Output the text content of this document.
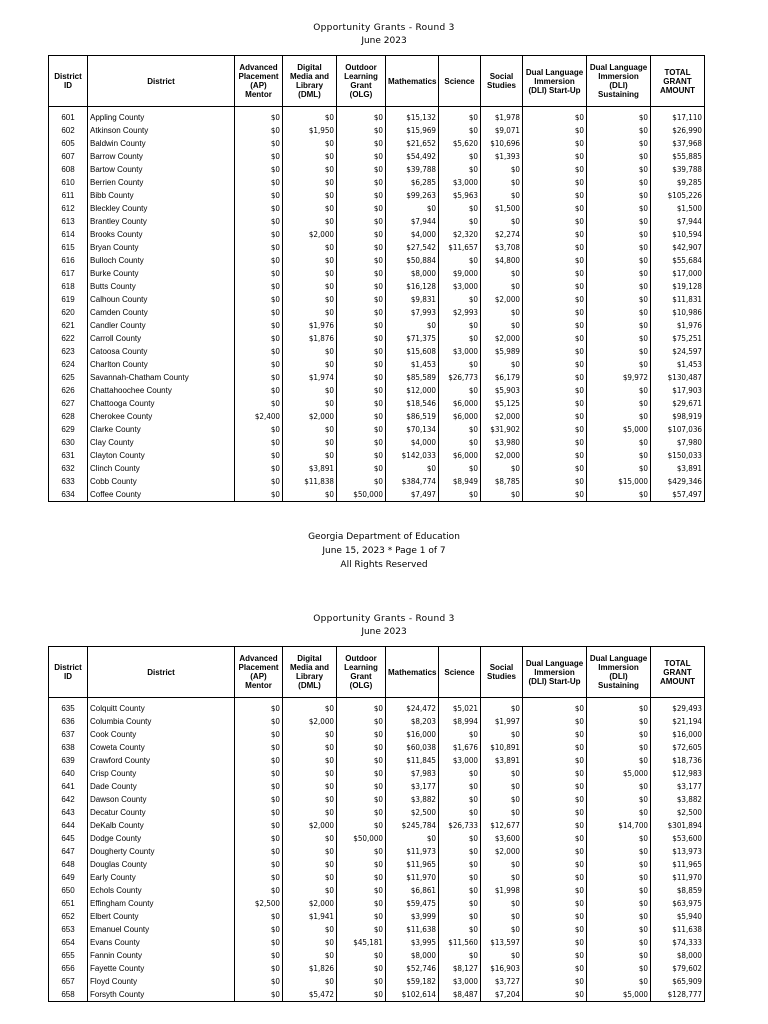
Opportunity Grants - Round 3
June 2023
District ID	District	Advanced Placement (AP) Mentor	Digital Media and Library (DML)	Outdoor Learning Grant (OLG)	Mathematics	Science	Social Studies	Dual Language Immersion (DLI) Start-Up	Dual Language Immersion (DLI) Sustaining	TOTAL GRANT AMOUNT

601	Appling County	$0	$0	$0	$15,132	$0	$1,978	$0	$0	$17,110
602	Atkinson County	$0	$1,950	$0	$15,969	$0	$9,071	$0	$0	$26,990
605	Baldwin County	$0	$0	$0	$21,652	$5,620	$10,696	$0	$0	$37,968
607	Barrow County	$0	$0	$0	$54,492	$0	$1,393	$0	$0	$55,885
608	Bartow County	$0	$0	$0	$39,788	$0	$0	$0	$0	$39,788
610	Berrien County	$0	$0	$0	$6,285	$3,000	$0	$0	$0	$9,285
611	Bibb County	$0	$0	$0	$99,263	$5,963	$0	$0	$0	$105,226
612	Bleckley County	$0	$0	$0	$0	$0	$1,500	$0	$0	$1,500
613	Brantley County	$0	$0	$0	$7,944	$0	$0	$0	$0	$7,944
614	Brooks County	$0	$2,000	$0	$4,000	$2,320	$2,274	$0	$0	$10,594
615	Bryan County	$0	$0	$0	$27,542	$11,657	$3,708	$0	$0	$42,907
616	Bulloch County	$0	$0	$0	$50,884	$0	$4,800	$0	$0	$55,684
617	Burke County	$0	$0	$0	$8,000	$9,000	$0	$0	$0	$17,000
618	Butts County	$0	$0	$0	$16,128	$3,000	$0	$0	$0	$19,128
619	Calhoun County	$0	$0	$0	$9,831	$0	$2,000	$0	$0	$11,831
620	Camden County	$0	$0	$0	$7,993	$2,993	$0	$0	$0	$10,986
621	Candler County	$0	$1,976	$0	$0	$0	$0	$0	$0	$1,976
622	Carroll County	$0	$1,876	$0	$71,375	$0	$2,000	$0	$0	$75,251
623	Catoosa County	$0	$0	$0	$15,608	$3,000	$5,989	$0	$0	$24,597
624	Charlton County	$0	$0	$0	$1,453	$0	$0	$0	$0	$1,453
625	Savannah-Chatham County	$0	$1,974	$0	$85,589	$26,773	$6,179	$0	$9,972	$130,487
626	Chattahoochee County	$0	$0	$0	$12,000	$0	$5,903	$0	$0	$17,903
627	Chattooga County	$0	$0	$0	$18,546	$6,000	$5,125	$0	$0	$29,671
628	Cherokee County	$2,400	$2,000	$0	$86,519	$6,000	$2,000	$0	$0	$98,919
629	Clarke County	$0	$0	$0	$70,134	$0	$31,902	$0	$5,000	$107,036
630	Clay County	$0	$0	$0	$4,000	$0	$3,980	$0	$0	$7,980
631	Clayton County	$0	$0	$0	$142,033	$6,000	$2,000	$0	$0	$150,033
632	Clinch County	$0	$3,891	$0	$0	$0	$0	$0	$0	$3,891
633	Cobb County	$0	$11,838	$0	$384,774	$8,949	$8,785	$0	$15,000	$429,346
634	Coffee County	$0	$0	$50,000	$7,497	$0	$0	$0	$0	$57,497
Georgia Department of Education
June 15, 2023 * Page 1 of 7
All Rights Reserved
Opportunity Grants - Round 3
June 2023
District ID	District	Advanced Placement (AP) Mentor	Digital Media and Library (DML)	Outdoor Learning Grant (OLG)	Mathematics	Science	Social Studies	Dual Language Immersion (DLI) Start-Up	Dual Language Immersion (DLI) Sustaining	TOTAL GRANT AMOUNT

635	Colquitt County	$0	$0	$0	$24,472	$5,021	$0	$0	$0	$29,493
636	Columbia County	$0	$2,000	$0	$8,203	$8,994	$1,997	$0	$0	$21,194
637	Cook County	$0	$0	$0	$16,000	$0	$0	$0	$0	$16,000
638	Coweta County	$0	$0	$0	$60,038	$1,676	$10,891	$0	$0	$72,605
639	Crawford County	$0	$0	$0	$11,845	$3,000	$3,891	$0	$0	$18,736
640	Crisp County	$0	$0	$0	$7,983	$0	$0	$0	$5,000	$12,983
641	Dade County	$0	$0	$0	$3,177	$0	$0	$0	$0	$3,177
642	Dawson County	$0	$0	$0	$3,882	$0	$0	$0	$0	$3,882
643	Decatur County	$0	$0	$0	$2,500	$0	$0	$0	$0	$2,500
644	DeKalb County	$0	$2,000	$0	$245,784	$26,733	$12,677	$0	$14,700	$301,894
645	Dodge County	$0	$0	$50,000	$0	$0	$3,600	$0	$0	$53,600
647	Dougherty County	$0	$0	$0	$11,973	$0	$2,000	$0	$0	$13,973
648	Douglas County	$0	$0	$0	$11,965	$0	$0	$0	$0	$11,965
649	Early County	$0	$0	$0	$11,970	$0	$0	$0	$0	$11,970
650	Echols County	$0	$0	$0	$6,861	$0	$1,998	$0	$0	$8,859
651	Effingham County	$2,500	$2,000	$0	$59,475	$0	$0	$0	$0	$63,975
652	Elbert County	$0	$1,941	$0	$3,999	$0	$0	$0	$0	$5,940
653	Emanuel County	$0	$0	$0	$11,638	$0	$0	$0	$0	$11,638
654	Evans County	$0	$0	$45,181	$3,995	$11,560	$13,597	$0	$0	$74,333
655	Fannin County	$0	$0	$0	$8,000	$0	$0	$0	$0	$8,000
656	Fayette County	$0	$1,826	$0	$52,746	$8,127	$16,903	$0	$0	$79,602
657	Floyd County	$0	$0	$0	$59,182	$3,000	$3,727	$0	$0	$65,909
658	Forsyth County	$0	$5,472	$0	$102,614	$8,487	$7,204	$0	$5,000	$128,777
